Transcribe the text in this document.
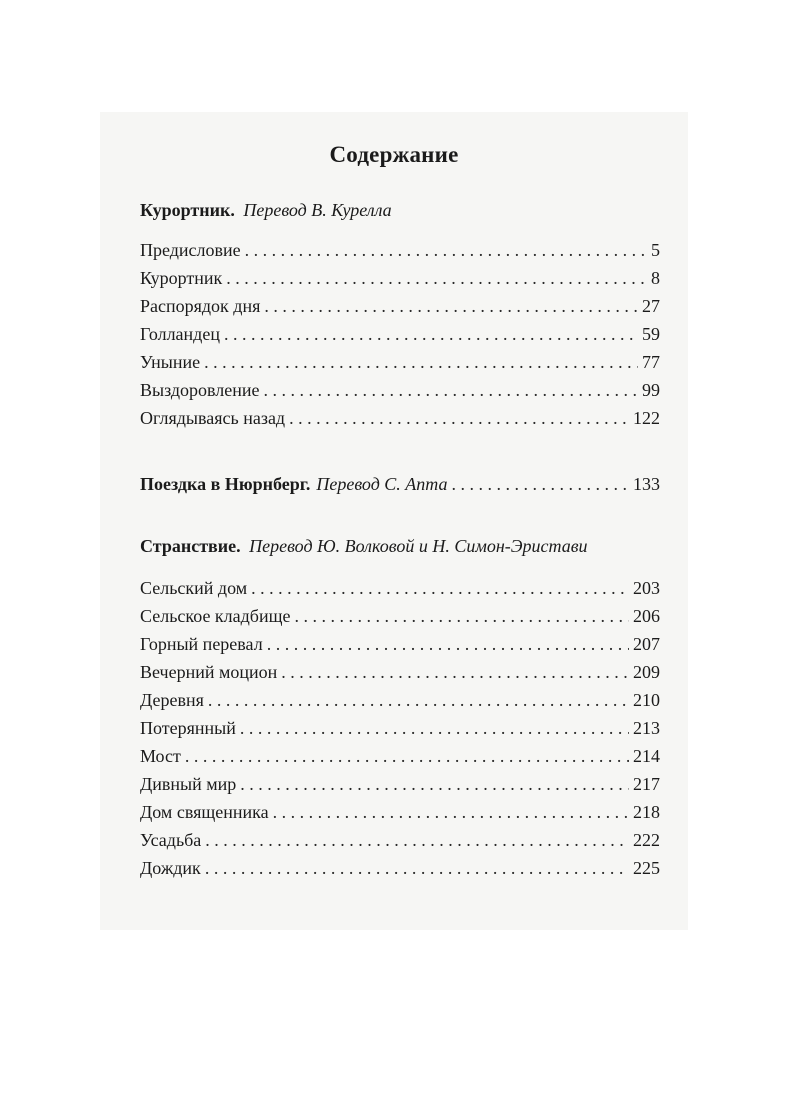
Содержание
Курортник. Перевод В. Курелла
Предисловие . . .	5
Курортник . . .	8
Распорядок дня . . .	27
Голландец . . .	59
Уныние . . .	77
Выздоровление . . .	99
Оглядываясь назад . . .	122
Поездка в Нюрнберг. Перевод С. Апта . . .	133
Странствие. Перевод Ю. Волковой и Н. Симон-Эристави
Сельский дом . . .	203
Сельское кладбище . . .	206
Горный перевал . . .	207
Вечерний моцион . . .	209
Деревня . . .	210
Потерянный . . .	213
Мост . . .	214
Дивный мир . . .	217
Дом священника . . .	218
Усадьба . . .	222
Дождик . . .	225
